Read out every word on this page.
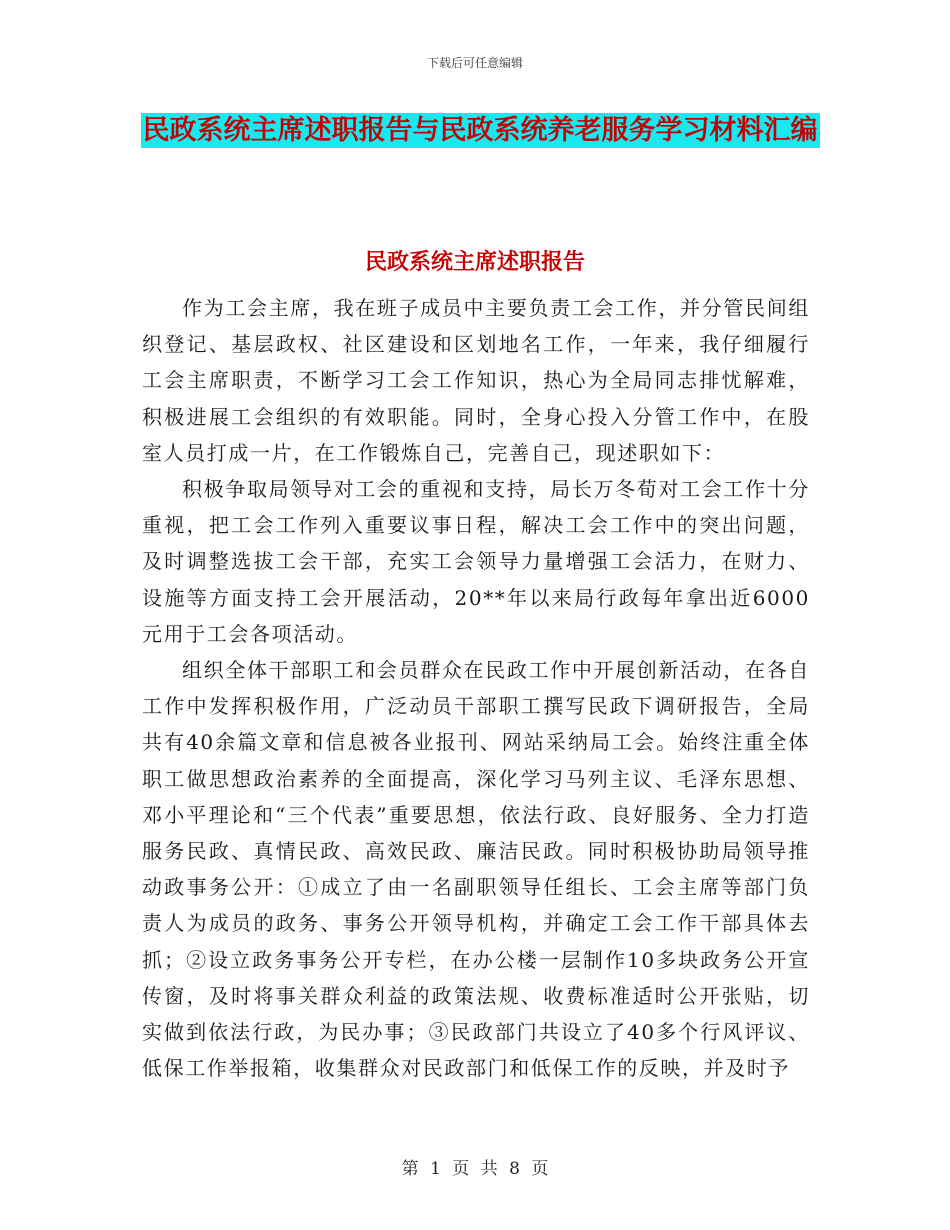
下载后可任意编辑
民政系统主席述职报告与民政系统养老服务学习材料汇编
民政系统主席述职报告

作为工会主席，我在班子成员中主要负责工会工作，并分管民间组织登记、基层政权、社区建设和区划地名工作，一年来，我仔细履行工会主席职责，不断学习工会工作知识，热心为全局同志排忧解难，积极进展工会组织的有效职能。同时，全身心投入分管工作中，在股室人员打成一片，在工作锻炼自己，完善自己，现述职如下：

积极争取局领导对工会的重视和支持，局长万冬荀对工会工作十分重视，把工会工作列入重要议事日程，解决工会工作中的突出问题，及时调整选拔工会干部，充实工会领导力量增强工会活力，在财力、设施等方面支持工会开展活动，20**年以来局行政每年拿出近6000元用于工会各项活动。

组织全体干部职工和会员群众在民政工作中开展创新活动，在各自工作中发挥积极作用，广泛动员干部职工撰写民政下调研报告，全局共有40余篇文章和信息被各业报刊、网站采纳局工会。始终注重全体职工做思想政治素养的全面提高，深化学习马列主议、毛泽东思想、邓小平理论和“三个代表”重要思想，依法行政、良好服务、全力打造服务民政、真情民政、高效民政、廉洁民政。同时积极协助局领导推动政事务公开：①成立了由一名副职领导任组长、工会主席等部门负责人为成员的政务、事务公开领导机构，并确定工会工作干部具体去抓；②设立政务事务公开专栏，在办公楼一层制作10多块政务公开宣传窗，及时将事关群众利益的政策法规、收费标准适时公开张贴，切实做到依法行政，为民办事；③民政部门共设立了40多个行风评议、低保工作举报箱，收集群众对民政部门和低保工作的反映，并及时予

第 1 页 共 8 页
